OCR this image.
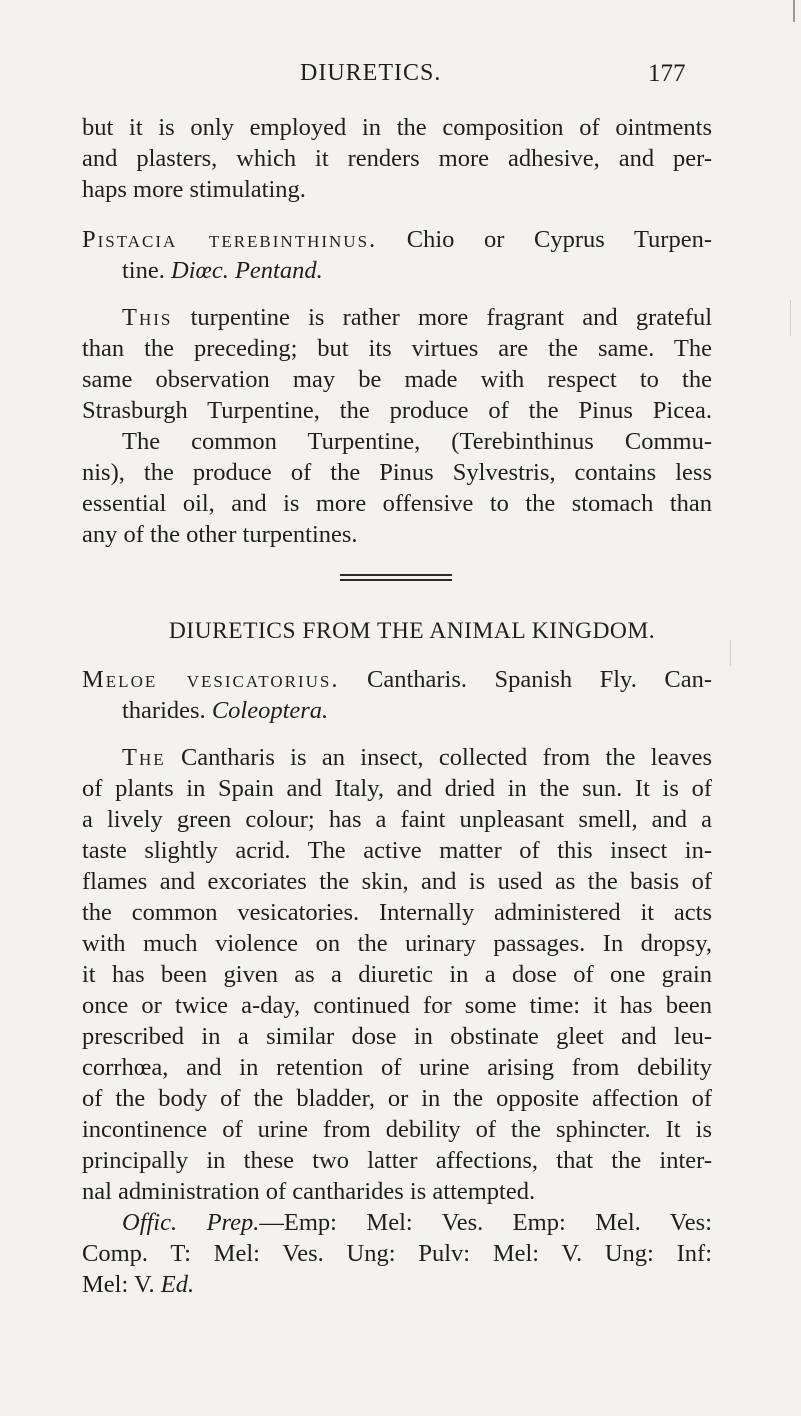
DIURETICS.	177
but it is only employed in the composition of ointments
and plasters, which it renders more adhesive, and per-
haps more stimulating.
Pistacia terebinthinus. Chio or Cyprus Turpen-
tine. Diœc. Pentand.
This turpentine is rather more fragrant and grateful
than the preceding; but its virtues are the same. The
same observation may be made with respect to the
Strasburgh Turpentine, the produce of the Pinus Picea.
The common Turpentine, (Terebinthinus Commu-
nis), the produce of the Pinus Sylvestris, contains less
essential oil, and is more offensive to the stomach than
any of the other turpentines.
DIURETICS FROM THE ANIMAL KINGDOM.
Meloe vesicatorius. Cantharis. Spanish Fly. Can-
tharides. Coleoptera.
The Cantharis is an insect, collected from the leaves
of plants in Spain and Italy, and dried in the sun. It is of
a lively green colour; has a faint unpleasant smell, and a
taste slightly acrid. The active matter of this insect in-
flames and excoriates the skin, and is used as the basis of
the common vesicatories. Internally administered it acts
with much violence on the urinary passages. In dropsy,
it has been given as a diuretic in a dose of one grain
once or twice a-day, continued for some time: it has been
prescribed in a similar dose in obstinate gleet and leu-
corrhœa, and in retention of urine arising from debility
of the body of the bladder, or in the opposite affection of
incontinence of urine from debility of the sphincter. It is
principally in these two latter affections, that the inter-
nal administration of cantharides is attempted.
Offic. Prep.—Emp: Mel: Ves. Emp: Mel. Ves:
Comp. T: Mel: Ves. Ung: Pulv: Mel: V. Ung: Inf:
Mel: V. Ed.
